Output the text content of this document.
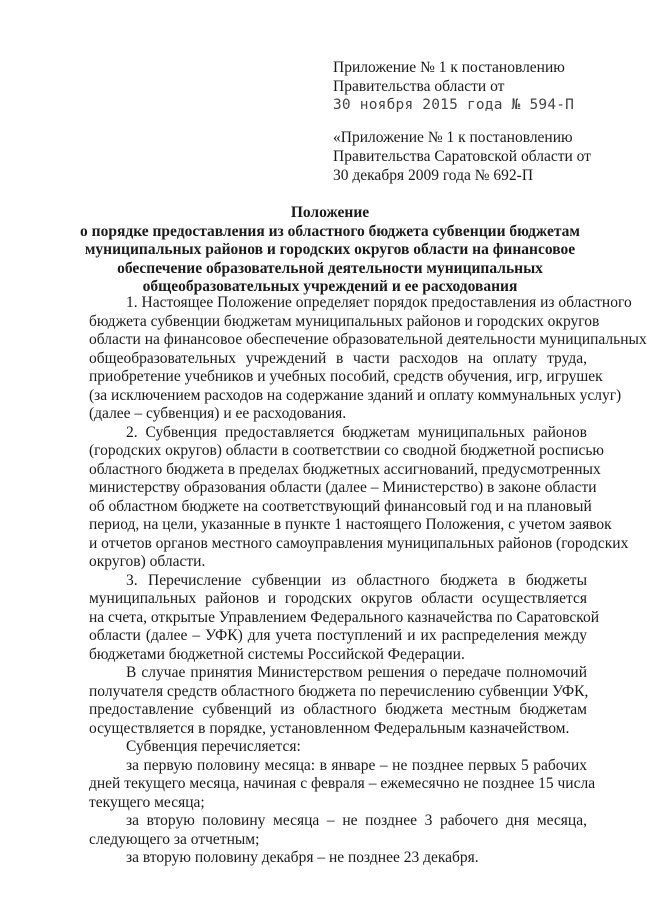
Приложение № 1 к постановлению
Правительства области от
30 ноября 2015 года № 594-П
«Приложение № 1 к постановлению
Правительства Саратовской области от
30 декабря 2009 года № 692-П
Положение
о порядке предоставления из областного бюджета субвенции бюджетам
муниципальных районов и городских округов области на финансовое
обеспечение образовательной деятельности муниципальных
общеобразовательных учреждений и ее расходования
1. Настоящее Положение определяет порядок предоставления из областного
бюджета субвенции бюджетам муниципальных районов и городских округов
области на финансовое обеспечение образовательной деятельности муниципальных
общеобразовательных учреждений в части расходов на оплату труда,
приобретение учебников и учебных пособий, средств обучения, игр, игрушек
(за исключением расходов на содержание зданий и оплату коммунальных услуг)
(далее – субвенция) и ее расходования.
2. Субвенция предоставляется бюджетам муниципальных районов
(городских округов) области в соответствии со сводной бюджетной росписью
областного бюджета в пределах бюджетных ассигнований, предусмотренных
министерству образования области (далее – Министерство) в законе области
об областном бюджете на соответствующий финансовый год и на плановый
период, на цели, указанные в пункте 1 настоящего Положения, с учетом заявок
и отчетов органов местного самоуправления муниципальных районов (городских
округов) области.
3. Перечисление субвенции из областного бюджета в бюджеты
муниципальных районов и городских округов области осуществляется
на счета, открытые Управлением Федерального казначейства по Саратовской
области (далее – УФК) для учета поступлений и их распределения между
бюджетами бюджетной системы Российской Федерации.
В случае принятия Министерством решения о передаче полномочий
получателя средств областного бюджета по перечислению субвенции УФК,
предоставление субвенций из областного бюджета местным бюджетам
осуществляется в порядке, установленном Федеральным казначейством.
Субвенция перечисляется:
за первую половину месяца: в январе – не позднее первых 5 рабочих
дней текущего месяца, начиная с февраля – ежемесячно не позднее 15 числа
текущего месяца;
за вторую половину месяца – не позднее 3 рабочего дня месяца,
следующего за отчетным;
за вторую половину декабря – не позднее 23 декабря.
